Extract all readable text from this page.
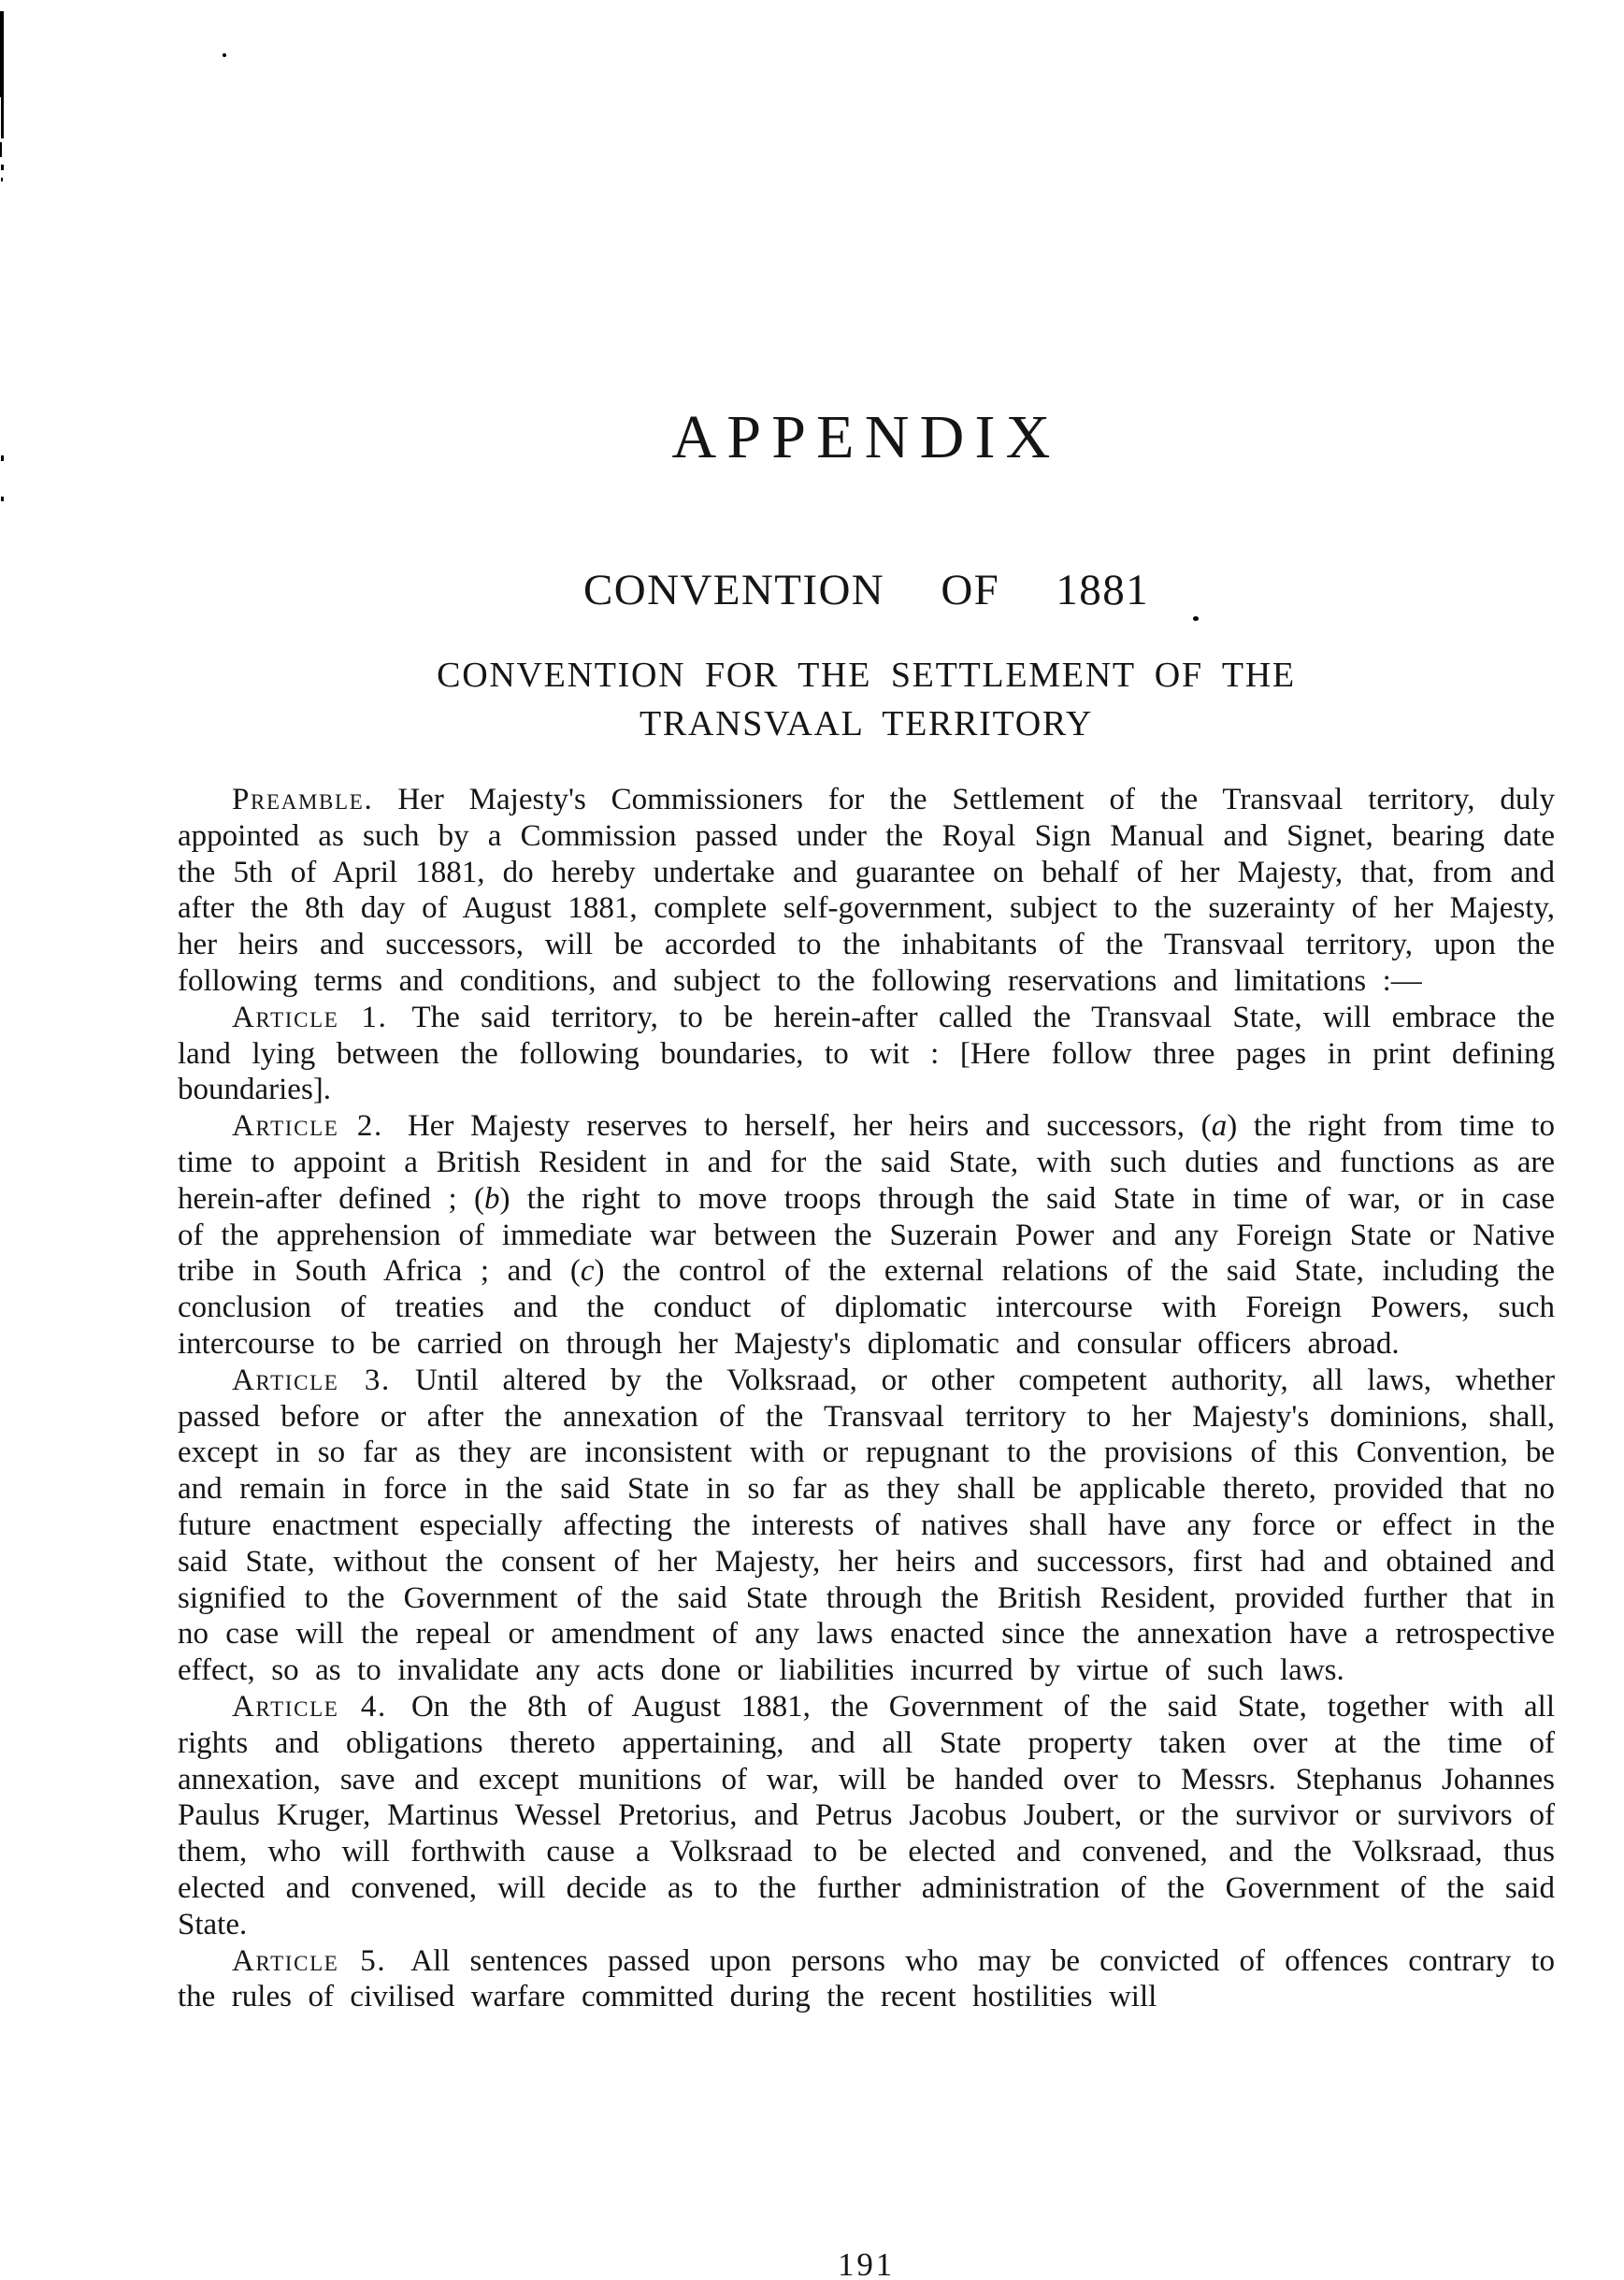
APPENDIX
CONVENTION OF 1881
CONVENTION FOR THE SETTLEMENT OF THE
TRANSVAAL TERRITORY

Preamble. Her Majesty's Commissioners for the Settlement of the Transvaal territory, duly appointed as such by a Commission passed under the Royal Sign Manual and Signet, bearing date the 5th of April 1881, do hereby undertake and guarantee on behalf of her Majesty, that, from and after the 8th day of August 1881, complete self-government, subject to the suzerainty of her Majesty, her heirs and successors, will be accorded to the inhabitants of the Transvaal territory, upon the following terms and conditions, and subject to the following reservations and limitations :—

Article 1. The said territory, to be herein-after called the Transvaal State, will embrace the land lying between the following boundaries, to wit : [Here follow three pages in print defining boundaries].

Article 2. Her Majesty reserves to herself, her heirs and successors, (a) the right from time to time to appoint a British Resident in and for the said State, with such duties and functions as are herein-after defined ; (b) the right to move troops through the said State in time of war, or in case of the apprehension of immediate war between the Suzerain Power and any Foreign State or Native tribe in South Africa ; and (c) the control of the external relations of the said State, including the conclusion of treaties and the conduct of diplomatic intercourse with Foreign Powers, such intercourse to be carried on through her Majesty's diplomatic and consular officers abroad.

Article 3. Until altered by the Volksraad, or other competent authority, all laws, whether passed before or after the annexation of the Transvaal territory to her Majesty's dominions, shall, except in so far as they are inconsistent with or repugnant to the provisions of this Convention, be and remain in force in the said State in so far as they shall be applicable thereto, provided that no future enactment especially affecting the interests of natives shall have any force or effect in the said State, without the consent of her Majesty, her heirs and successors, first had and obtained and signified to the Government of the said State through the British Resident, provided further that in no case will the repeal or amendment of any laws enacted since the annexation have a retrospective effect, so as to invalidate any acts done or liabilities incurred by virtue of such laws.

Article 4. On the 8th of August 1881, the Government of the said State, together with all rights and obligations thereto appertaining, and all State property taken over at the time of annexation, save and except munitions of war, will be handed over to Messrs. Stephanus Johannes Paulus Kruger, Martinus Wessel Pretorius, and Petrus Jacobus Joubert, or the survivor or survivors of them, who will forthwith cause a Volksraad to be elected and convened, and the Volksraad, thus elected and convened, will decide as to the further administration of the Government of the said State.

Article 5. All sentences passed upon persons who may be convicted of offences contrary to the rules of civilised warfare committed during the recent hostilities will

191
